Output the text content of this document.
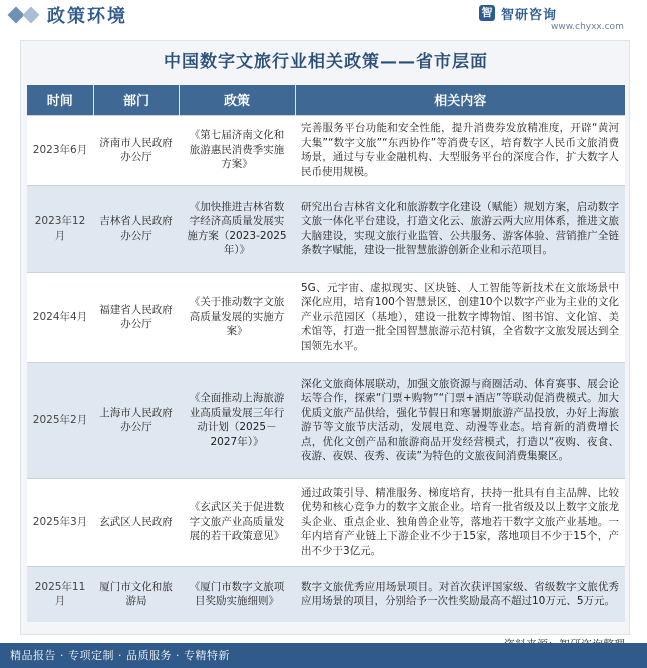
政策环境	智 智研咨询
www.chyxx.com
中国数字文旅行业相关政策——省市层面
时间	部门	政策	相关内容
2023年6月	济南市人民政府办公厅	《第七届济南文化和旅游惠民消费季实施方案》	完善服务平台功能和安全性能，提升消费券发放精准度，开辟“黄河大集”“数字文旅”“东西协作”等消费专区，培育数字人民币文旅消费场景，通过与专业金融机构、大型服务平台的深度合作，扩大数字人民币使用规模。
2023年12月	吉林省人民政府办公厅	《加快推进吉林省数字经济高质量发展实施方案（2023-2025年）》	研究出台吉林省文化和旅游数字化建设（赋能）规划方案，启动数字文旅一体化平台建设，打造文化云、旅游云两大应用体系，推进文旅大脑建设，实现文旅行业监管、公共服务、游客体验、营销推广全链条数字赋能，建设一批智慧旅游创新企业和示范项目。
2024年4月	福建省人民政府办公厅	《关于推动数字文旅高质量发展的实施方案》	5G、元宇宙、虚拟现实、区块链、人工智能等新技术在文旅场景中深化应用，培育100个智慧景区，创建10个以数字产业为主业的文化产业示范园区（基地），建设一批数字博物馆、图书馆、文化馆、美术馆等，打造一批全国智慧旅游示范村镇，全省数字文旅发展达到全国领先水平。
2025年2月	上海市人民政府办公厅	《全面推动上海旅游业高质量发展三年行动计划（2025－2027年）》	深化文旅商体展联动，加强文旅资源与商圈活动、体育赛事、展会论坛等合作，探索“门票+购物”“门票+酒店”等联动促消费模式。加大优质文旅产品供给，强化节假日和寒暑期旅游产品投放，办好上海旅游节等文旅节庆活动，发展电竞、动漫等业态。培育新的消费增长点，优化文创产品和旅游商品开发经营模式，打造以“夜购、夜食、夜游、夜娱、夜秀、夜读”为特色的文旅夜间消费集聚区。
2025年3月	玄武区人民政府	《玄武区关于促进数字文旅产业高质量发展的若干政策意见》	通过政策引导、精准服务、梯度培育，扶持一批具有自主品牌、比较优势和核心竞争力的数字文旅企业。培育一批省级及以上数字文旅龙头企业、重点企业、独角兽企业等，落地若干数字文旅产业基地。一年内培育产业链上下游企业不少于15家，落地项目不少于15个，产出不少于3亿元。
2025年11月	厦门市文化和旅游局	《厦门市数字文旅项目奖励实施细则》	数字文旅优秀应用场景项目。对首次获评国家级、省级数字文旅优秀应用场景的项目，分别给予一次性奖励最高不超过10万元、5万元。
精品报告 · 专项定制 · 品质服务 · 专精特新
